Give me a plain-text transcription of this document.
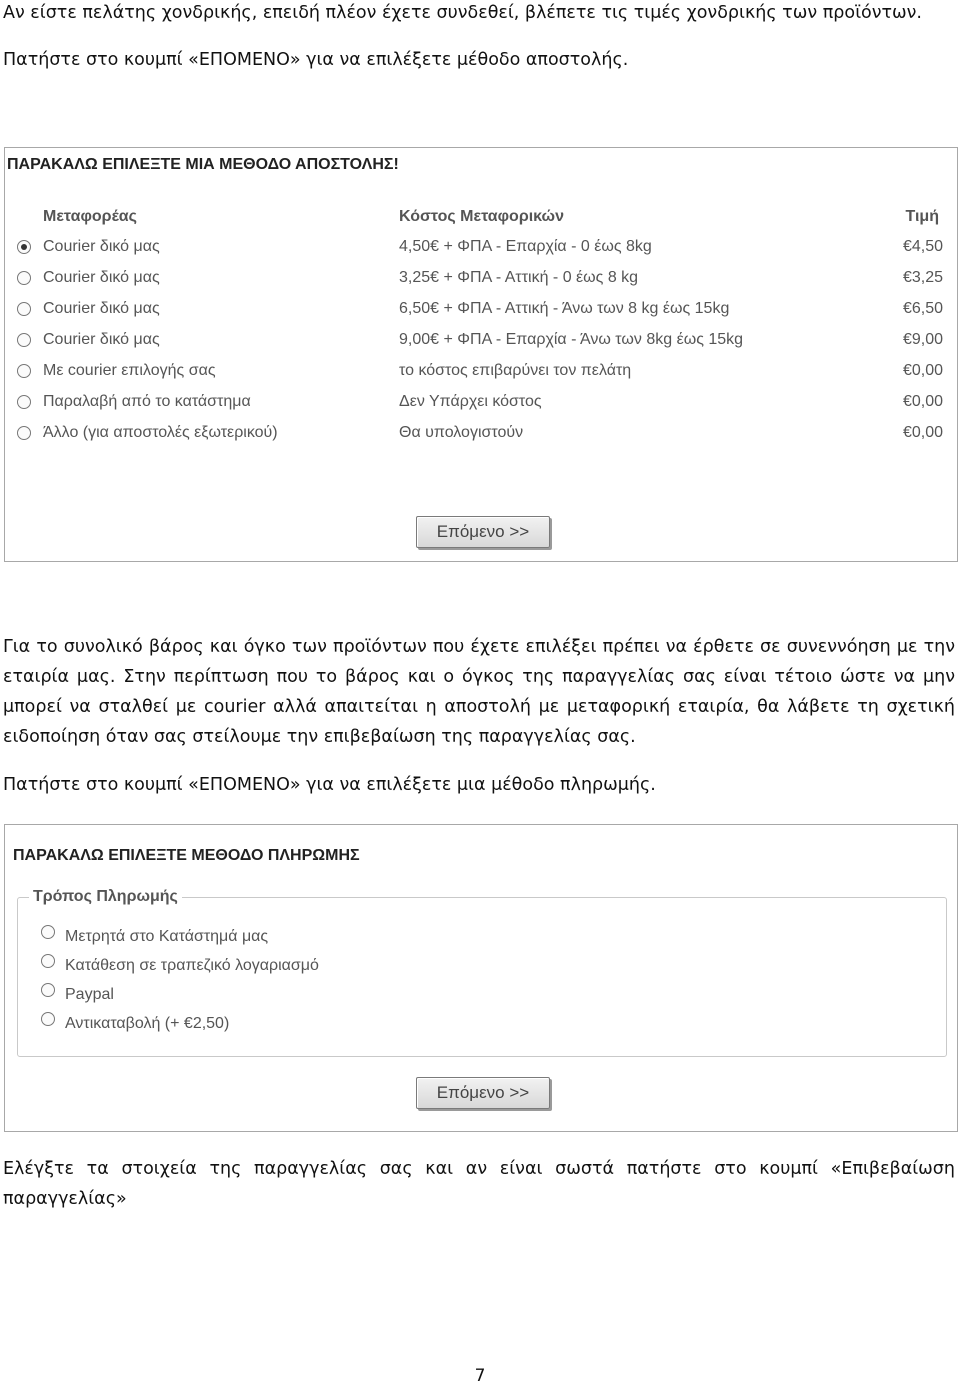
Αν είστε πελάτης χονδρικής, επειδή πλέον έχετε συνδεθεί, βλέπετε τις τιμές χονδρικής των προϊόντων.

Πατήστε στο κουμπί «ΕΠΟΜΕΝΟ» για να επιλέξετε μέθοδο αποστολής.

ΠΑΡΑΚΑΛΩ ΕΠΙΛΕΞΤΕ ΜΙΑ ΜΕΘΟΔΟ ΑΠΟΣΤΟΛΗΣ!
Μεταφορέας	Κόστος Μεταφορικών	Τιμή
Courier δικό μας	4,50€ + ΦΠΑ - Επαρχία - 0 έως 8kg	€4,50
Courier δικό μας	3,25€ + ΦΠΑ - Αττική - 0 έως 8 kg	€3,25
Courier δικό μας	6,50€ + ΦΠΑ - Αττική - Άνω των 8 kg έως 15kg	€6,50
Courier δικό μας	9,00€ + ΦΠΑ - Επαρχία - Άνω των 8kg έως 15kg	€9,00
Με courier επιλογής σας	το κόστος επιβαρύνει τον πελάτη	€0,00
Παραλαβή από το κατάστημα	Δεν Υπάρχει κόστος	€0,00
Άλλο (για αποστολές εξωτερικού)	Θα υπολογιστούν	€0,00
Επόμενο >>

Για το συνολικό βάρος και όγκο των προϊόντων που έχετε επιλέξει πρέπει να έρθετε σε συνεννόηση με την εταιρία μας. Στην περίπτωση που το βάρος και ο όγκος της παραγγελίας σας είναι τέτοιο ώστε να μην μπορεί να σταλθεί με courier αλλά απαιτείται η αποστολή με μεταφορική εταιρία, θα λάβετε τη σχετική ειδοποίηση όταν σας στείλουμε την επιβεβαίωση της παραγγελίας σας.

Πατήστε στο κουμπί «ΕΠΟΜΕΝΟ» για να επιλέξετε μια μέθοδο πληρωμής.

ΠΑΡΑΚΑΛΩ ΕΠΙΛΕΞΤΕ ΜΕΘΟΔΟ ΠΛΗΡΩΜΗΣ
Τρόπος Πληρωμής
Μετρητά στο Κατάστημά μας
Κατάθεση σε τραπεζικό λογαριασμό
Paypal
Αντικαταβολή (+ €2,50)
Επόμενο >>

Ελέγξτε τα στοιχεία της παραγγελίας σας και αν είναι σωστά πατήστε στο κουμπί «Επιβεβαίωση παραγγελίας»

7
